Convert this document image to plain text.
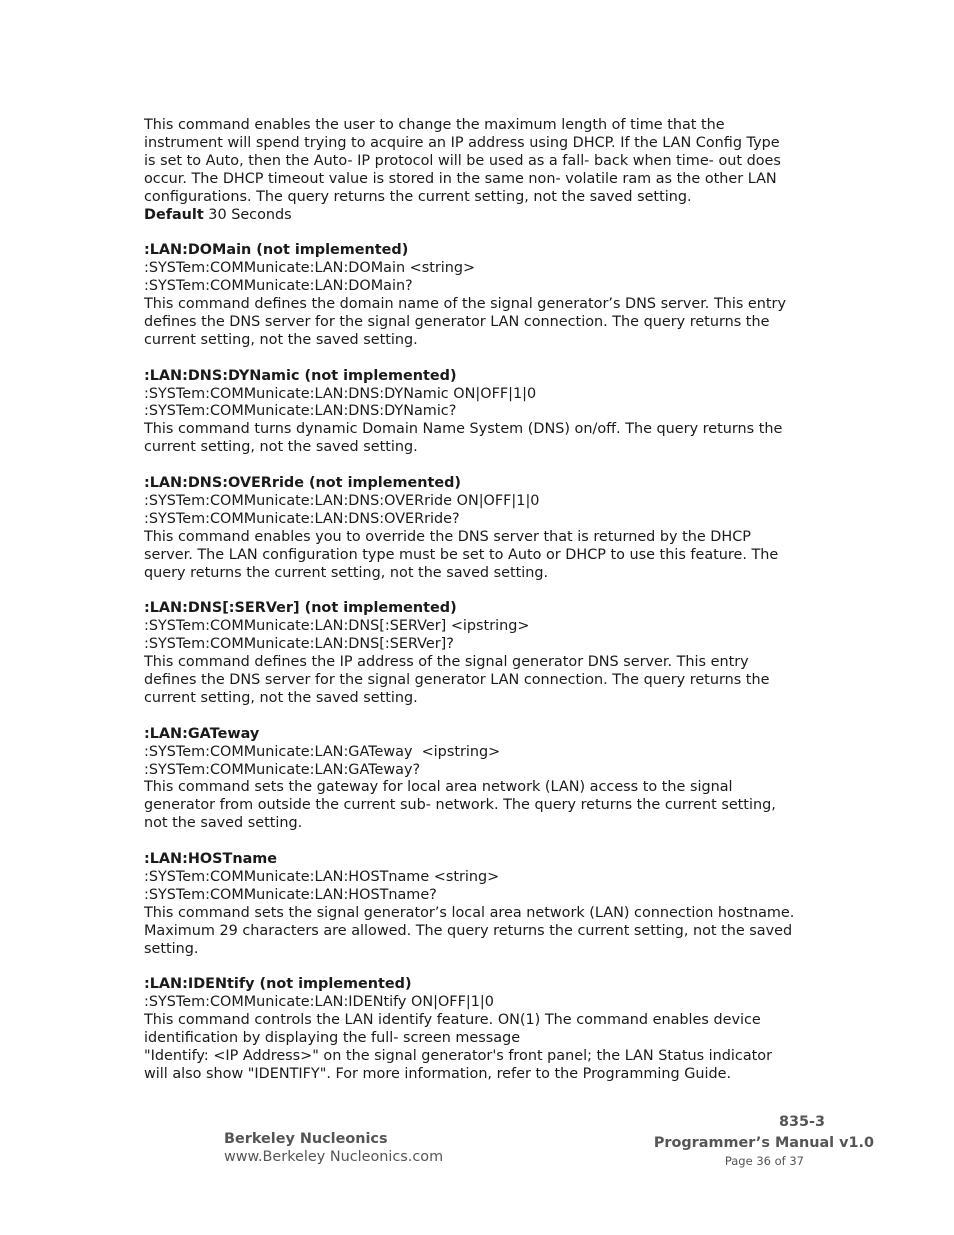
This command enables the user to change the maximum length of time that the

instrument will spend trying to acquire an IP address using DHCP. If the LAN Config Type

is set to Auto, then the Auto- IP protocol will be used as a fall- back when time- out does

occur. The DHCP timeout value is stored in the same non- volatile ram as the other LAN

configurations. The query returns the current setting, not the saved setting.

Default 30 Seconds

:LAN:DOMain (not implemented)

:SYSTem:COMMunicate:LAN:DOMain <string>

:SYSTem:COMMunicate:LAN:DOMain?

This command defines the domain name of the signal generator’s DNS server. This entry

defines the DNS server for the signal generator LAN connection. The query returns the

current setting, not the saved setting.

:LAN:DNS:DYNamic (not implemented)

:SYSTem:COMMunicate:LAN:DNS:DYNamic ON|OFF|1|0

:SYSTem:COMMunicate:LAN:DNS:DYNamic?

This command turns dynamic Domain Name System (DNS) on/off. The query returns the

current setting, not the saved setting.

:LAN:DNS:OVERride (not implemented)

:SYSTem:COMMunicate:LAN:DNS:OVERride ON|OFF|1|0

:SYSTem:COMMunicate:LAN:DNS:OVERride?

This command enables you to override the DNS server that is returned by the DHCP

server. The LAN configuration type must be set to Auto or DHCP to use this feature. The

query returns the current setting, not the saved setting.

:LAN:DNS[:SERVer] (not implemented)

:SYSTem:COMMunicate:LAN:DNS[:SERVer] <ipstring>

:SYSTem:COMMunicate:LAN:DNS[:SERVer]?

This command defines the IP address of the signal generator DNS server. This entry

defines the DNS server for the signal generator LAN connection. The query returns the

current setting, not the saved setting.

:LAN:GATeway

:SYSTem:COMMunicate:LAN:GATeway  <ipstring>

:SYSTem:COMMunicate:LAN:GATeway?

This command sets the gateway for local area network (LAN) access to the signal

generator from outside the current sub- network. The query returns the current setting,

not the saved setting.

:LAN:HOSTname

:SYSTem:COMMunicate:LAN:HOSTname <string>

:SYSTem:COMMunicate:LAN:HOSTname?

This command sets the signal generator’s local area network (LAN) connection hostname.

Maximum 29 characters are allowed. The query returns the current setting, not the saved

setting.

:LAN:IDENtify (not implemented)

:SYSTem:COMMunicate:LAN:IDENtify ON|OFF|1|0

This command controls the LAN identify feature. ON(1) The command enables device

identification by displaying the full- screen message

"Identify: <IP Address>" on the signal generator's front panel; the LAN Status indicator

will also show "IDENTIFY". For more information, refer to the Programming Guide.

Berkeley Nucleonics
www.Berkeley Nucleonics.com
835-3
Programmer’s Manual v1.0
Page 36 of 37
